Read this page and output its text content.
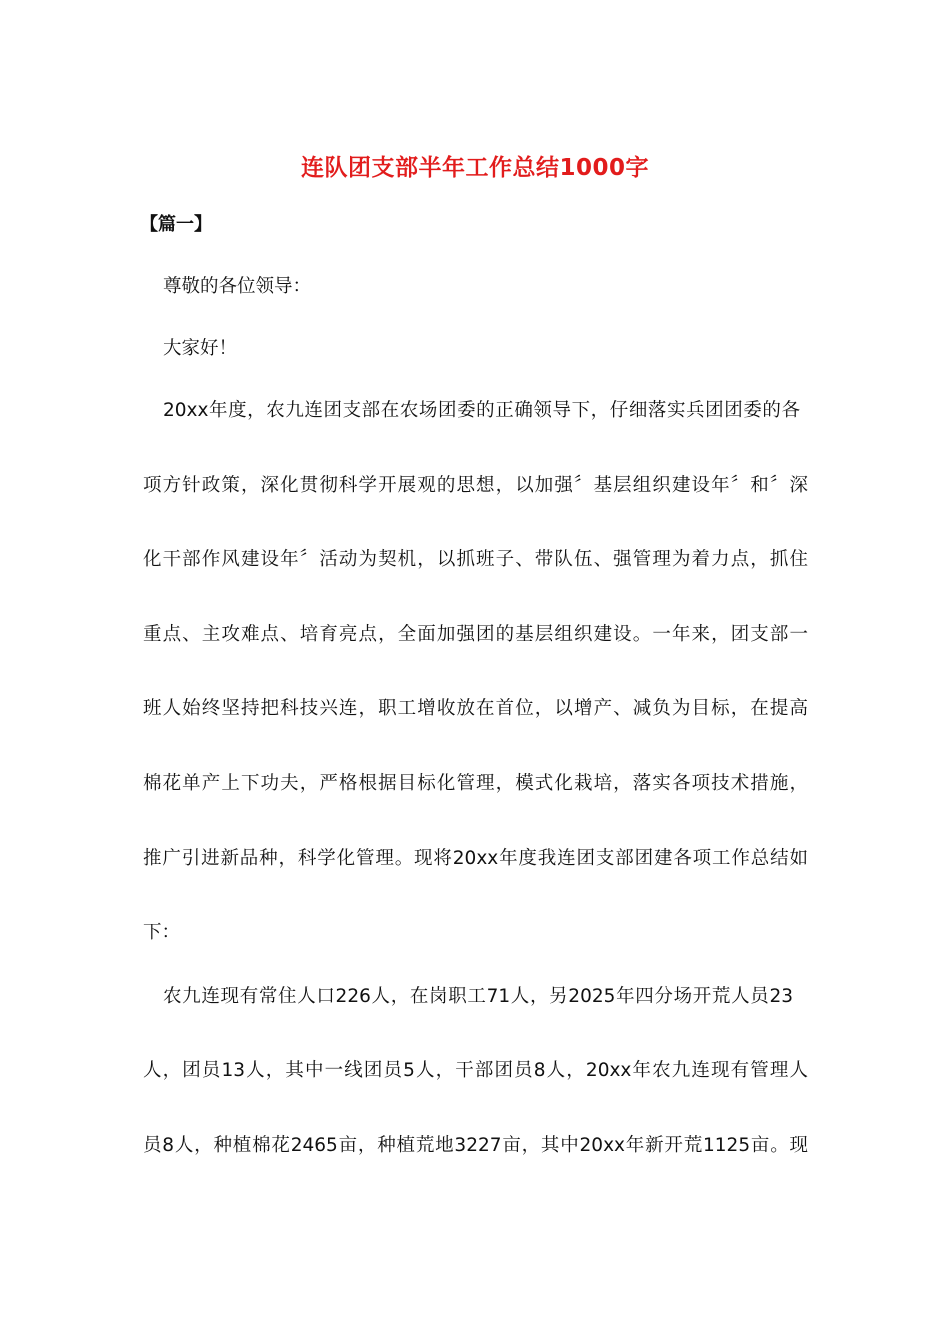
连队团支部半年工作总结1000字
【篇一】
尊敬的各位领导：
大家好！
20xx年度，农九连团支部在农场团委的正确领导下，仔细落实兵团团委的各
项方针政策，深化贯彻科学开展观的思想，以加强〞基层组织建设年〞和〞深
化干部作风建设年〞活动为契机，以抓班子、带队伍、强管理为着力点，抓住
重点、主攻难点、培育亮点，全面加强团的基层组织建设。一年来，团支部一
班人始终坚持把科技兴连，职工增收放在首位，以增产、减负为目标，在提高
棉花单产上下功夫，严格根据目标化管理，模式化栽培，落实各项技术措施，
推广引进新品种，科学化管理。现将20xx年度我连团支部团建各项工作总结如
下：
农九连现有常住人口226人，在岗职工71人，另2025年四分场开荒人员23
人，团员13人，其中一线团员5人，干部团员8人，20xx年农九连现有管理人
员8人，种植棉花2465亩，种植荒地3227亩，其中20xx年新开荒1125亩。现
